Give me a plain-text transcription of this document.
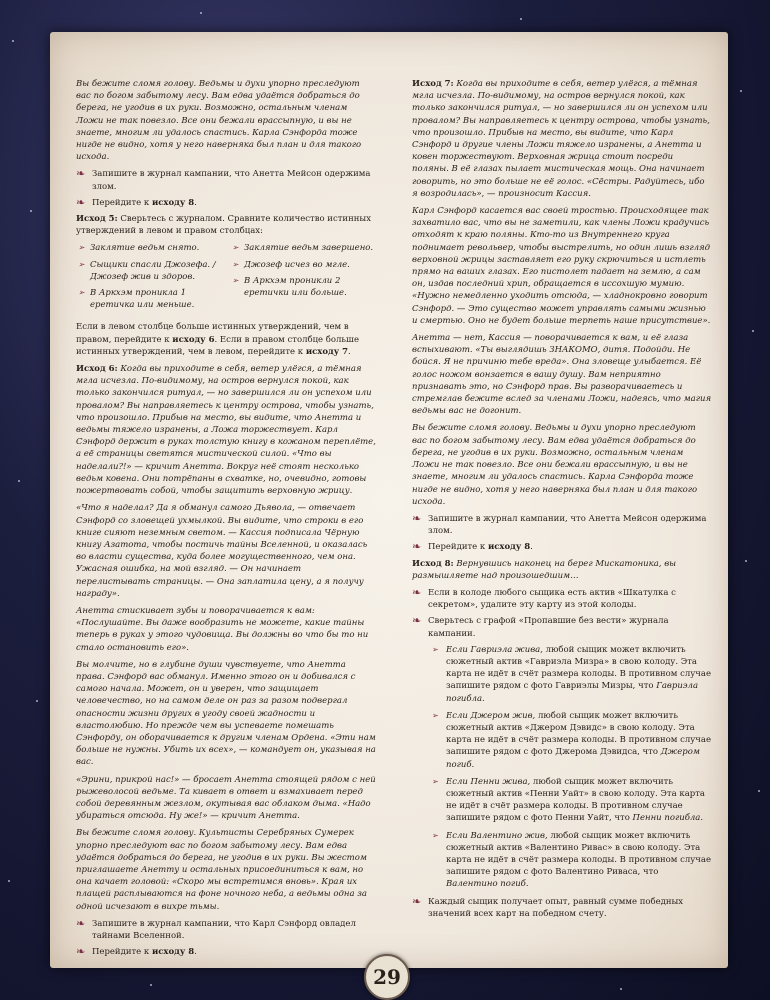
Вы бежите сломя голову. Ведьмы и духи упорно преследуют вас по богом забытому лесу. Вам едва удаётся добраться до берега, не угодив в их руки. Возможно, остальным членам Ложи не так повезло. Все они бежали врассыпную, и вы не знаете, многим ли удалось спастись. Карла Сэнфорда тоже нигде не видно, хотя у него наверняка был план и для такого исхода.

❧ Запишите в журнал кампании, что Анетта Мейсон одержима злом.
❧ Перейдите к исходу 8.

Исход 5: Сверьтесь с журналом. Сравните количество истинных утверждений в левом и правом столбцах:

➢ Заклятие ведьм снято.
➢ Сыщики спасли Джозефа. / Джозеф жив и здоров.
➢ В Аркхэм проникла 1 еретичка или меньше.
➢ Заклятие ведьм завершено.
➢ Джозеф исчез во мгле.
➢ В Аркхэм проникли 2 еретички или больше.

Если в левом столбце больше истинных утверждений, чем в правом, перейдите к исходу 6. Если в правом столбце больше истинных утверждений, чем в левом, перейдите к исходу 7.

Исход 6: Когда вы приходите в себя, ветер улёгся, а тёмная мгла исчезла. По-видимому, на остров вернулся покой, как только закончился ритуал, — но завершился ли он успехом или провалом? Вы направляетесь к центру острова, чтобы узнать, что произошло. Прибыв на место, вы видите, что Анетта и ведьмы тяжело изранены, а Ложа торжествует. Карл Сэнфорд держит в руках толстую книгу в кожаном переплёте, а её страницы светятся мистической силой. «Что вы наделали?!» — кричит Анетта. Вокруг неё стоят несколько ведьм ковена. Они потрёпаны в схватке, но, очевидно, готовы пожертвовать собой, чтобы защитить верховную жрицу.

«Что я наделал? Да я обманул самого Дьявола, — отвечает Сэнфорд со зловещей ухмылкой. Вы видите, что строки в его книге сияют неземным светом. — Кассия подписала Чёрную книгу Азатота, чтобы постичь тайны Вселенной, и оказалась во власти существа, куда более могущественного, чем она. Ужасная ошибка, на мой взгляд. — Он начинает перелистывать страницы. — Она заплатила цену, а я получу награду».

Анетта стискивает зубы и поворачивается к вам: «Послушайте. Вы даже вообразить не можете, какие тайны теперь в руках у этого чудовища. Вы должны во что бы то ни стало остановить его».

Вы молчите, но в глубине души чувствуете, что Анетта права. Сэнфорд вас обманул. Именно этого он и добивался с самого начала. Может, он и уверен, что защищает человечество, но на самом деле он раз за разом подвергал опасности жизни других в угоду своей жадности и властолюбию. Но прежде чем вы успеваете помешать Сэнфорду, он оборачивается к другим членам Ордена. «Эти нам больше не нужны. Убить их всех», — командует он, указывая на вас.

«Эрини, прикрой нас!» — бросает Анетта стоящей рядом с ней рыжеволосой ведьме. Та кивает в ответ и взмахивает перед собой деревянным жезлом, окутывая вас облаком дыма. «Надо убираться отсюда. Ну же!» — кричит Анетта.

Вы бежите сломя голову. Культисты Серебряных Сумерек упорно преследуют вас по богом забытому лесу. Вам едва удаётся добраться до берега, не угодив в их руки. Вы жестом приглашаете Анетту и остальных присоединиться к вам, но она качает головой: «Скоро мы встретимся вновь». Края их плащей расплываются на фоне ночного неба, а ведьмы одна за одной исчезают в вихре тьмы.

❧ Запишите в журнал кампании, что Карл Сэнфорд овладел тайнами Вселенной.
❧ Перейдите к исходу 8.

Исход 7: Когда вы приходите в себя, ветер улёгся, а тёмная мгла исчезла. По-видимому, на остров вернулся покой, как только закончился ритуал, — но завершился ли он успехом или провалом? Вы направляетесь к центру острова, чтобы узнать, что произошло. Прибыв на место, вы видите, что Карл Сэнфорд и другие члены Ложи тяжело изранены, а Анетта и ковен торжествуют. Верховная жрица стоит посреди поляны. В её глазах пылает мистическая мощь. Она начинает говорить, но это больше не её голос. «Сёстры. Радуйтесь, ибо я возродилась», — произносит Кассия.

Карл Сэнфорд касается вас своей тростью. Происходящее так захватило вас, что вы не заметили, как члены Ложи крадучись отходят к краю поляны. Кто-то из Внутреннего круга поднимает револьвер, чтобы выстрелить, но один лишь взгляд верховной жрицы заставляет его руку скрючиться и истлеть прямо на ваших глазах. Его пистолет падает на землю, а сам он, издав последний хрип, обращается в иссохшую мумию. «Нужно немедленно уходить отсюда, — хладнокровно говорит Сэнфорд. — Это существо может управлять самыми жизнью и смертью. Оно не будет больше терпеть наше присутствие».

Анетта — нет, Кассия — поворачивается к вам, и её глаза вспыхивают. «Ты выглядишь ЗНАКОМО, дитя. Подойди. Не бойся. Я не причиню тебе вреда». Она зловеще улыбается. Её голос ножом вонзается в вашу душу. Вам неприятно признавать это, но Сэнфорд прав. Вы разворачиваетесь и стремглав бежите вслед за членами Ложи, надеясь, что магия ведьмы вас не догонит.

Вы бежите сломя голову. Ведьмы и духи упорно преследуют вас по богом забытому лесу. Вам едва удаётся добраться до берега, не угодив в их руки. Возможно, остальным членам Ложи не так повезло. Все они бежали врассыпную, и вы не знаете, многим ли удалось спастись. Карла Сэнфорда тоже нигде не видно, хотя у него наверняка был план и для такого исхода.

❧ Запишите в журнал кампании, что Анетта Мейсон одержима злом.
❧ Перейдите к исходу 8.

Исход 8: Вернувшись наконец на берег Мискатоника, вы размышляете над произошедшим…

❧ Если в колоде любого сыщика есть актив «Шкатулка с секретом», удалите эту карту из этой колоды.
❧ Сверьтесь с графой «Пропавшие без вести» журнала кампании.
➢ Если Гавриэла жива, любой сыщик может включить сюжетный актив «Гавриэла Мизра» в свою колоду. Эта карта не идёт в счёт размера колоды. В противном случае запишите рядом с фото Гавриэлы Мизры, что Гавриэла погибла.
➢ Если Джером жив, любой сыщик может включить сюжетный актив «Джером Дэвидс» в свою колоду. Эта карта не идёт в счёт размера колоды. В противном случае запишите рядом с фото Джерома Дэвидса, что Джером погиб.
➢ Если Пенни жива, любой сыщик может включить сюжетный актив «Пенни Уайт» в свою колоду. Эта карта не идёт в счёт размера колоды. В противном случае запишите рядом с фото Пенни Уайт, что Пенни погибла.
➢ Если Валентино жив, любой сыщик может включить сюжетный актив «Валентино Ривас» в свою колоду. Эта карта не идёт в счёт размера колоды. В противном случае запишите рядом с фото Валентино Риваса, что Валентино погиб.
❧ Каждый сыщик получает опыт, равный сумме победных значений всех карт на победном счету.
29
